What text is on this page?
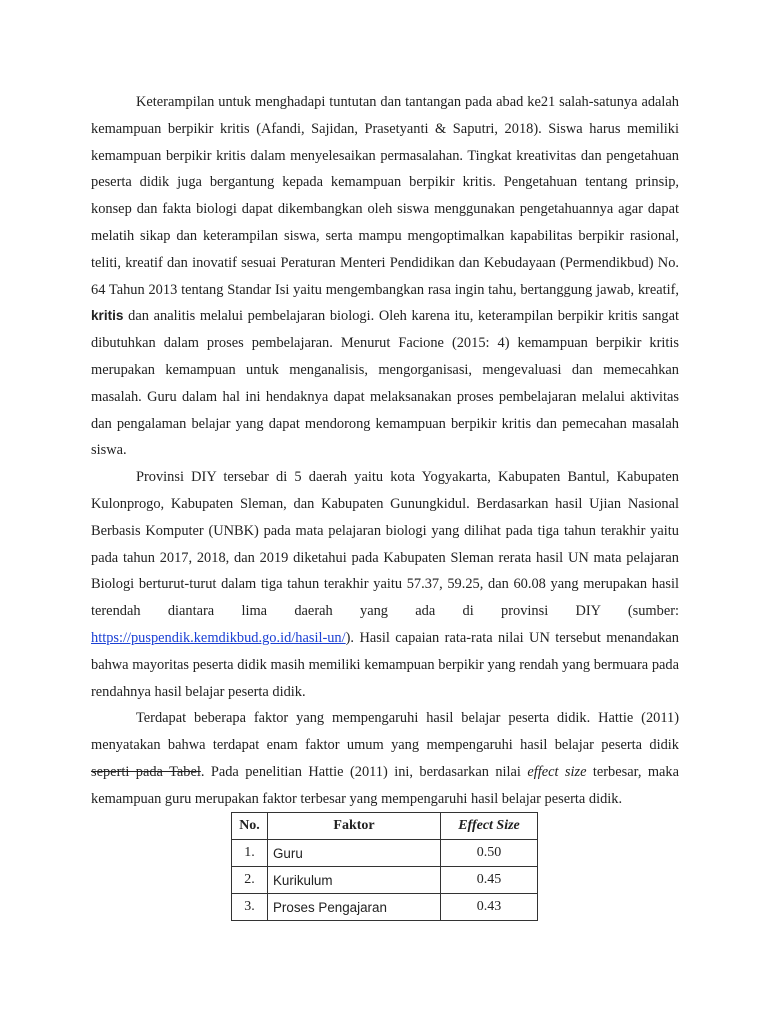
Keterampilan untuk menghadapi tuntutan dan tantangan pada abad ke21 salah-satunya adalah kemampuan berpikir kritis (Afandi, Sajidan, Prasetyanti & Saputri, 2018). Siswa harus memiliki kemampuan berpikir kritis dalam menyelesaikan permasalahan. Tingkat kreativitas dan pengetahuan peserta didik juga bergantung kepada kemampuan berpikir kritis. Pengetahuan tentang prinsip, konsep dan fakta biologi dapat dikembangkan oleh siswa menggunakan pengetahuannya agar dapat melatih sikap dan keterampilan siswa, serta mampu mengoptimalkan kapabilitas berpikir rasional, teliti, kreatif dan inovatif sesuai Peraturan Menteri Pendidikan dan Kebudayaan (Permendikbud) No. 64 Tahun 2013 tentang Standar Isi yaitu mengembangkan rasa ingin tahu, bertanggung jawab, kreatif, kritis dan analitis melalui pembelajaran biologi. Oleh karena itu, keterampilan berpikir kritis sangat dibutuhkan dalam proses pembelajaran. Menurut Facione (2015: 4) kemampuan berpikir kritis merupakan kemampuan untuk menganalisis, mengorganisasi, mengevaluasi dan memecahkan masalah. Guru dalam hal ini hendaknya dapat melaksanakan proses pembelajaran melalui aktivitas dan pengalaman belajar yang dapat mendorong kemampuan berpikir kritis dan pemecahan masalah siswa.

Provinsi DIY tersebar di 5 daerah yaitu kota Yogyakarta, Kabupaten Bantul, Kabupaten Kulonprogo, Kabupaten Sleman, dan Kabupaten Gunungkidul. Berdasarkan hasil Ujian Nasional Berbasis Komputer (UNBK) pada mata pelajaran biologi yang dilihat pada tiga tahun terakhir yaitu pada tahun 2017, 2018, dan 2019 diketahui pada Kabupaten Sleman rerata hasil UN mata pelajaran Biologi berturut-turut dalam tiga tahun terakhir yaitu 57.37, 59.25, dan 60.08 yang merupakan hasil terendah diantara lima daerah yang ada di provinsi DIY (sumber: https://puspendik.kemdikbud.go.id/hasil-un/). Hasil capaian rata-rata nilai UN tersebut menandakan bahwa mayoritas peserta didik masih memiliki kemampuan berpikir yang rendah yang bermuara pada rendahnya hasil belajar peserta didik.

Terdapat beberapa faktor yang mempengaruhi hasil belajar peserta didik. Hattie (2011) menyatakan bahwa terdapat enam faktor umum yang mempengaruhi hasil belajar peserta didik seperti pada Tabel. Pada penelitian Hattie (2011) ini, berdasarkan nilai effect size terbesar, maka kemampuan guru merupakan faktor terbesar yang mempengaruhi hasil belajar peserta didik.

No.	Faktor	Effect Size
1.	Guru	0.50
2.	Kurikulum	0.45
3.	Proses Pengajaran	0.43
